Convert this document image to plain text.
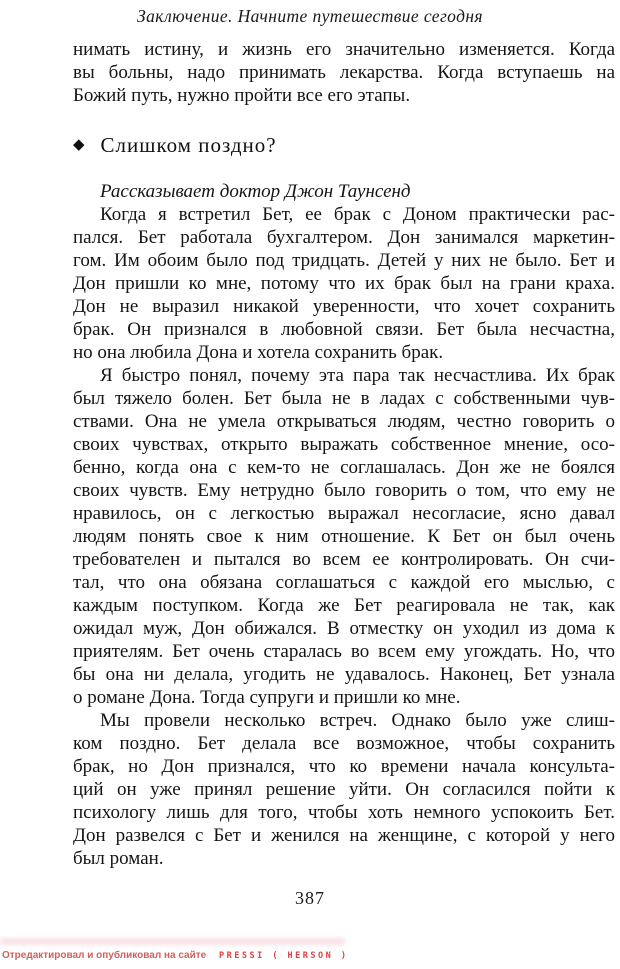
Заключение. Начните путешествие сегодня
нимать истину, и жизнь его значительно изменяется. Когда
вы больны, надо принимать лекарства. Когда вступаешь на
Божий путь, нужно пройти все его этапы.
◆ Слишком поздно?
Рассказывает доктор Джон Таунсенд
Когда я встретил Бет, ее брак с Доном практически рас-
пался. Бет работала бухгалтером. Дон занимался маркетин-
гом. Им обоим было под тридцать. Детей у них не было. Бет и
Дон пришли ко мне, потому что их брак был на грани краха.
Дон не выразил никакой уверенности, что хочет сохранить
брак. Он признался в любовной связи. Бет была несчастна,
но она любила Дона и хотела сохранить брак.
Я быстро понял, почему эта пара так несчастлива. Их брак
был тяжело болен. Бет была не в ладах с собственными чув-
ствами. Она не умела открываться людям, честно говорить о
своих чувствах, открыто выражать собственное мнение, осо-
бенно, когда она с кем-то не соглашалась. Дон же не боялся
своих чувств. Ему нетрудно было говорить о том, что ему не
нравилось, он с легкостью выражал несогласие, ясно давал
людям понять свое к ним отношение. К Бет он был очень
требователен и пытался во всем ее контролировать. Он счи-
тал, что она обязана соглашаться с каждой его мыслью, с
каждым поступком. Когда же Бет реагировала не так, как
ожидал муж, Дон обижался. В отместку он уходил из дома к
приятелям. Бет очень старалась во всем ему угождать. Но, что
бы она ни делала, угодить не удавалось. Наконец, Бет узнала
о романе Дона. Тогда супруги и пришли ко мне.
Мы провели несколько встреч. Однако было уже слиш-
ком поздно. Бет делала все возможное, чтобы сохранить
брак, но Дон признался, что ко времени начала консульта-
ций он уже принял решение уйти. Он согласился пойти к
психологу лишь для того, чтобы хоть немного успокоить Бет.
Дон развелся с Бет и женился на женщине, с которой у него
был роман.
387
Отредактировал и опубликовал на сайте PRESSI ( HERSON )
